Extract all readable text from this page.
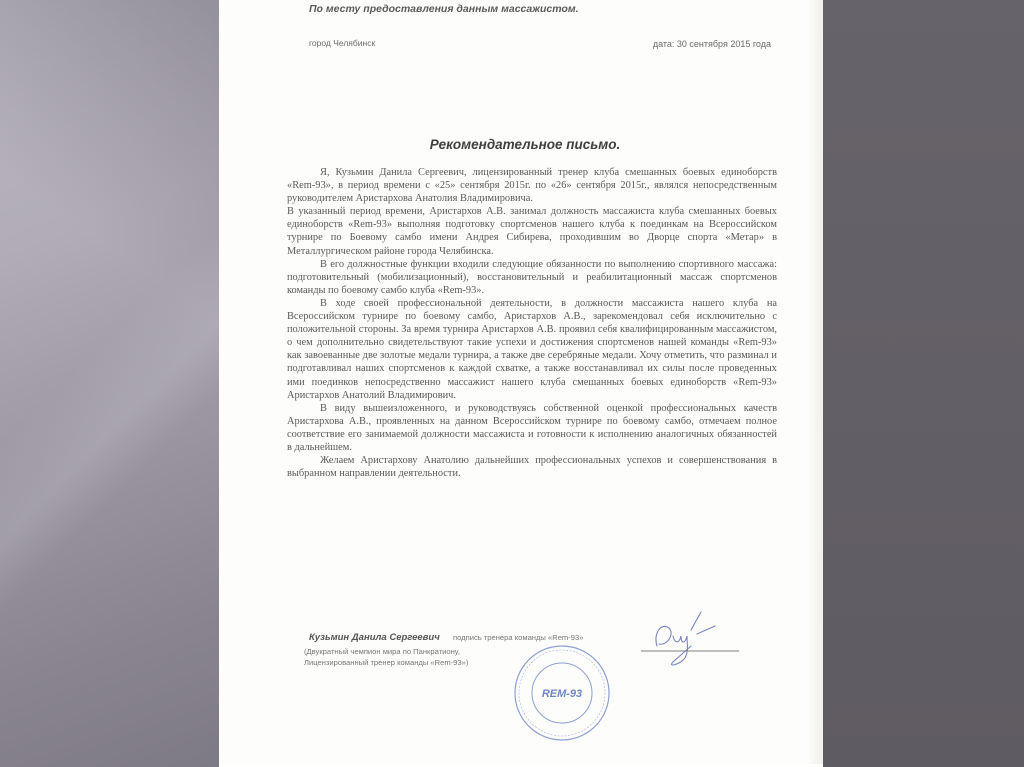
По месту предоставления данным массажистом.
город Челябинск	дата: 30 сентября 2015 года
Рекомендательное письмо.

Я, Кузьмин Данила Сергеевич, лицензированный тренер клуба смешанных боевых единоборств «Rem-93», в период времени с «25» сентября 2015г. по «26» сентября 2015г., являлся непосредственным руководителем Аристархова Анатолия Владимировича.

В указанный период времени, Аристархов А.В. занимал должность массажиста клуба смешанных боевых единоборств «Rem-93» выполняя подготовку спортсменов нашего клуба к поединкам на Всероссийском турнире по Боевому самбо имени Андрея Сибирева, проходившим во Дворце спорта «Метар» в Металлургическом районе города Челябинска.

В его должностные функции входили следующие обязанности по выполнению спортивного массажа: подготовительный (мобилизационный), восстановительный и реабилитационный массаж спортсменов команды по боевому самбо клуба «Rem-93».

В ходе своей профессиональной деятельности, в должности массажиста нашего клуба на Всероссийском турнире по боевому самбо, Аристархов А.В., зарекомендовал себя исключительно с положительной стороны. За время турнира Аристархов А.В. проявил себя квалифицированным массажистом, о чем дополнительно свидетельствуют такие успехи и достижения спортсменов нашей команды «Rem-93» как завоеванные две золотые медали турнира, а также две серебряные медали. Хочу отметить, что разминал и подготавливал наших спортсменов к каждой схватке, а также восстанавливал их силы после проведенных ими поединков непосредственно массажист нашего клуба смешанных боевых единоборств «Rem-93» Аристархов Анатолий Владимирович.

В виду вышеизложенного, и руководствуясь собственной оценкой профессиональных качеств Аристархова А.В., проявленных на данном Всероссийском турнире по боевому самбо, отмечаем полное соответствие его занимаемой должности массажиста и готовности к исполнению аналогичных обязанностей в дальнейшем.

Желаем Аристархову Анатолию дальнейших профессиональных успехов и совершенствования в выбранном направлении деятельности.

Кузьмин Данила Сергеевич
(Двукратный чемпион мира по Панкратиону,
Лицензированный тренер команды «Rem-93»)
подпись тренера команды «Rem-93»
REM-93
